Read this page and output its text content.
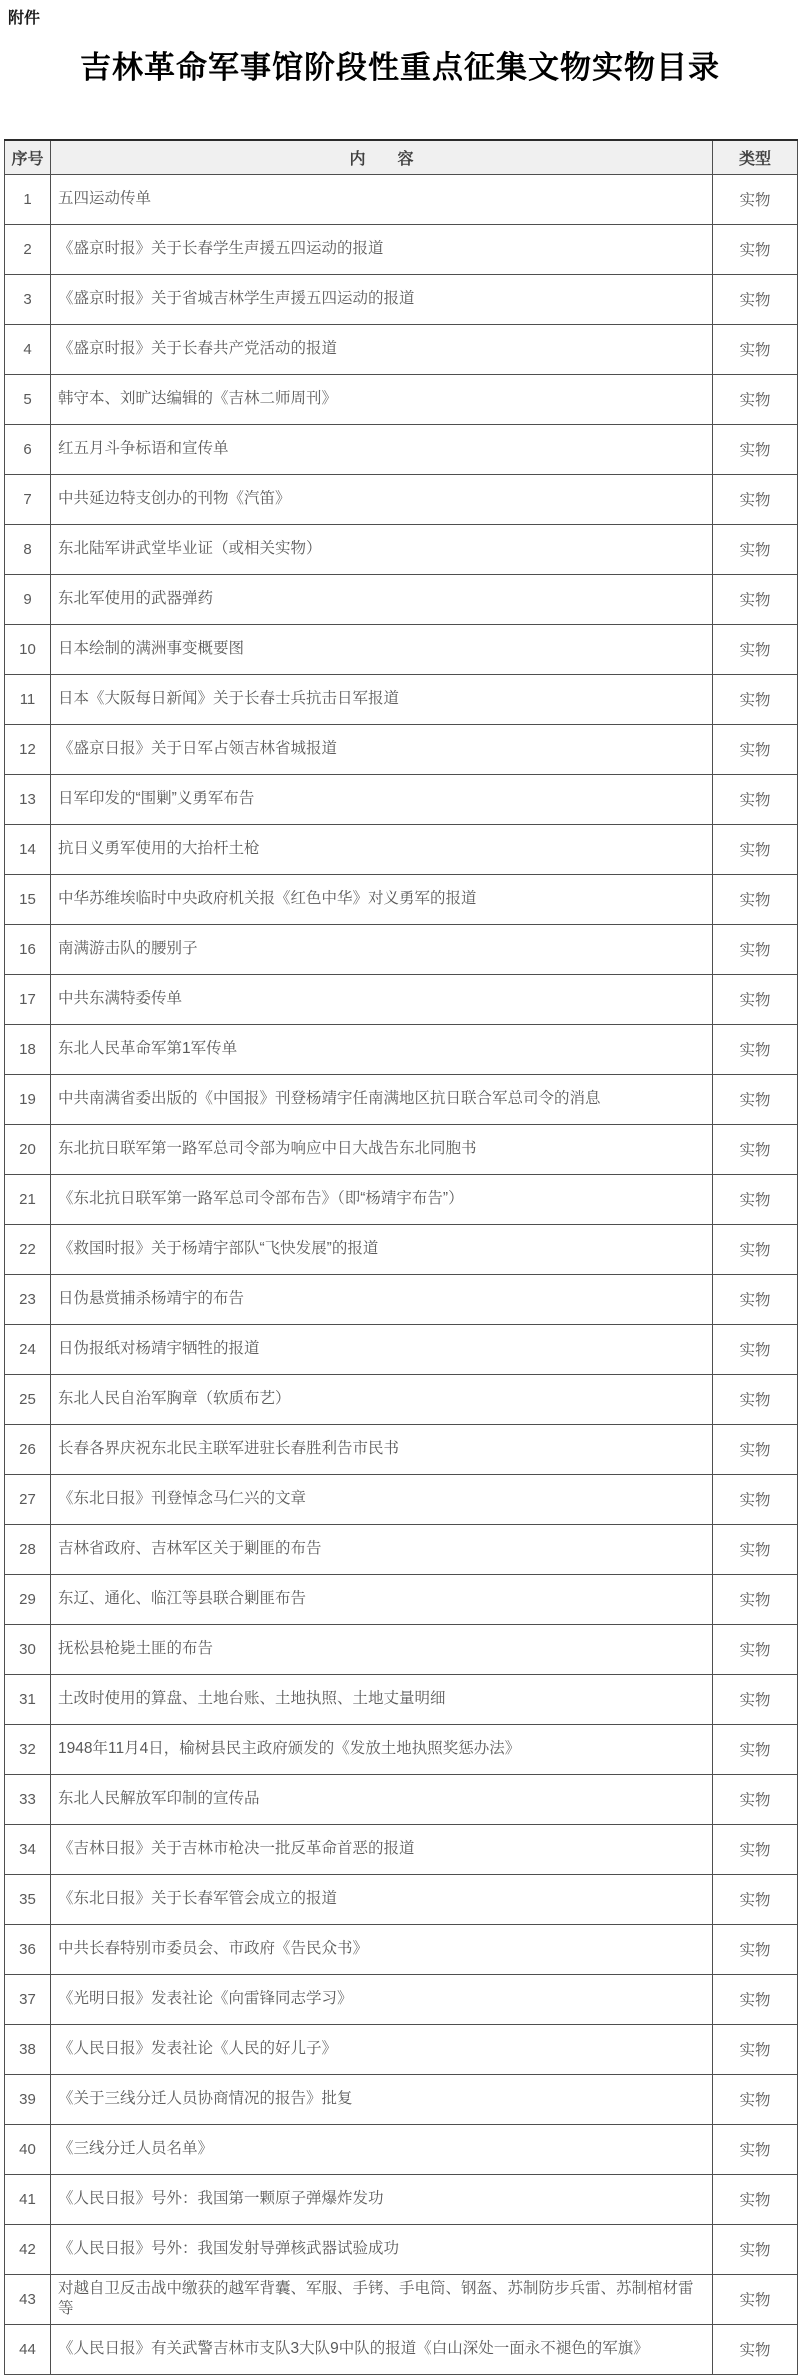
附件
吉林革命军事馆阶段性重点征集文物实物目录
序号	内　　容	类型
1	五四运动传单	实物
2	《盛京时报》关于长春学生声援五四运动的报道	实物
3	《盛京时报》关于省城吉林学生声援五四运动的报道	实物
4	《盛京时报》关于长春共产党活动的报道	实物
5	韩守本、刘旷达编辑的《吉林二师周刊》	实物
6	红五月斗争标语和宣传单	实物
7	中共延边特支创办的刊物《汽笛》	实物
8	东北陆军讲武堂毕业证（或相关实物）	实物
9	东北军使用的武器弹药	实物
10	日本绘制的满洲事变概要图	实物
11	日本《大阪每日新闻》关于长春士兵抗击日军报道	实物
12	《盛京日报》关于日军占领吉林省城报道	实物
13	日军印发的“围剿”义勇军布告	实物
14	抗日义勇军使用的大抬杆土枪	实物
15	中华苏维埃临时中央政府机关报《红色中华》对义勇军的报道	实物
16	南满游击队的腰别子	实物
17	中共东满特委传单	实物
18	东北人民革命军第1军传单	实物
19	中共南满省委出版的《中国报》刊登杨靖宇任南满地区抗日联合军总司令的消息	实物
20	东北抗日联军第一路军总司令部为响应中日大战告东北同胞书	实物
21	《东北抗日联军第一路军总司令部布告》（即“杨靖宇布告”）	实物
22	《救国时报》关于杨靖宇部队“飞快发展”的报道	实物
23	日伪悬赏捕杀杨靖宇的布告	实物
24	日伪报纸对杨靖宇牺牲的报道	实物
25	东北人民自治军胸章（软质布艺）	实物
26	长春各界庆祝东北民主联军进驻长春胜利告市民书	实物
27	《东北日报》刊登悼念马仁兴的文章	实物
28	吉林省政府、吉林军区关于剿匪的布告	实物
29	东辽、通化、临江等县联合剿匪布告	实物
30	抚松县枪毙土匪的布告	实物
31	土改时使用的算盘、土地台账、土地执照、土地丈量明细	实物
32	1948年11月4日，榆树县民主政府颁发的《发放土地执照奖惩办法》	实物
33	东北人民解放军印制的宣传品	实物
34	《吉林日报》关于吉林市枪决一批反革命首恶的报道	实物
35	《东北日报》关于长春军管会成立的报道	实物
36	中共长春特别市委员会、市政府《告民众书》	实物
37	《光明日报》发表社论《向雷锋同志学习》	实物
38	《人民日报》发表社论《人民的好儿子》	实物
39	《关于三线分迁人员协商情况的报告》批复	实物
40	《三线分迁人员名单》	实物
41	《人民日报》号外：我国第一颗原子弹爆炸发功	实物
42	《人民日报》号外：我国发射导弹核武器试验成功	实物
43	对越自卫反击战中缴获的越军背囊、军服、手铐、手电筒、钢盔、苏制防步兵雷、苏制棺材雷等	实物
44	《人民日报》有关武警吉林市支队3大队9中队的报道《白山深处一面永不褪色的军旗》	实物
